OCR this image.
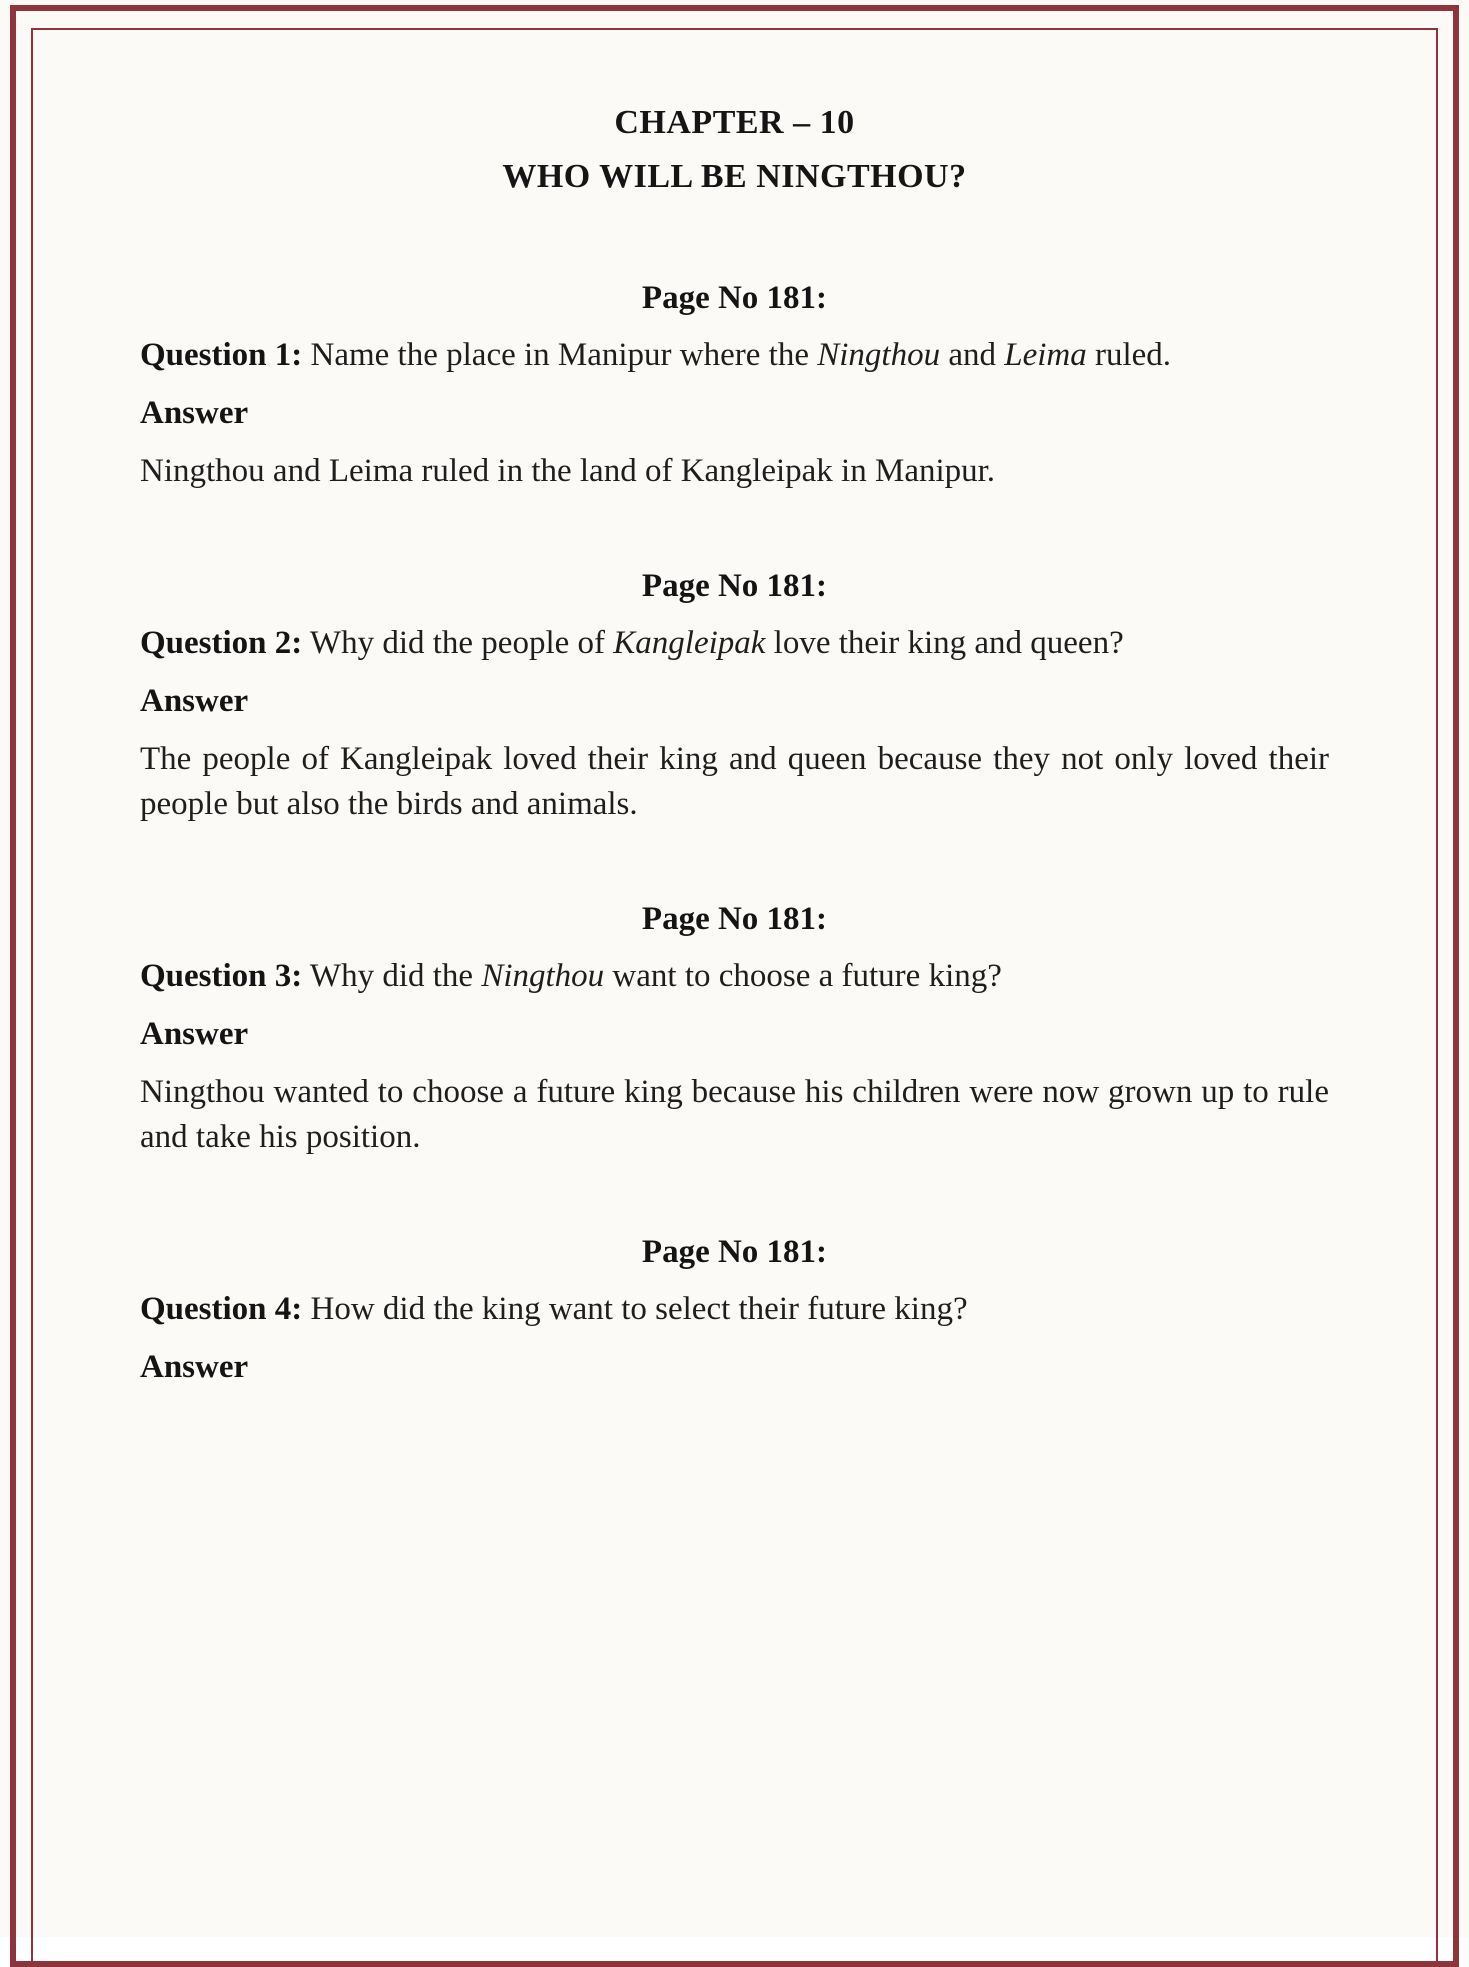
CHAPTER – 10
WHO WILL BE NINGTHOU?
Page No 181:

Question 1: Name the place in Manipur where the Ningthou and Leima ruled.

Answer

Ningthou and Leima ruled in the land of Kangleipak in Manipur.

Page No 181:

Question 2: Why did the people of Kangleipak love their king and queen?

Answer

The people of Kangleipak loved their king and queen because they not only loved their people but also the birds and animals.

Page No 181:

Question 3: Why did the Ningthou want to choose a future king?

Answer

Ningthou wanted to choose a future king because his children were now grown up to rule and take his position.

Page No 181:

Question 4: How did the king want to select their future king?

Answer
